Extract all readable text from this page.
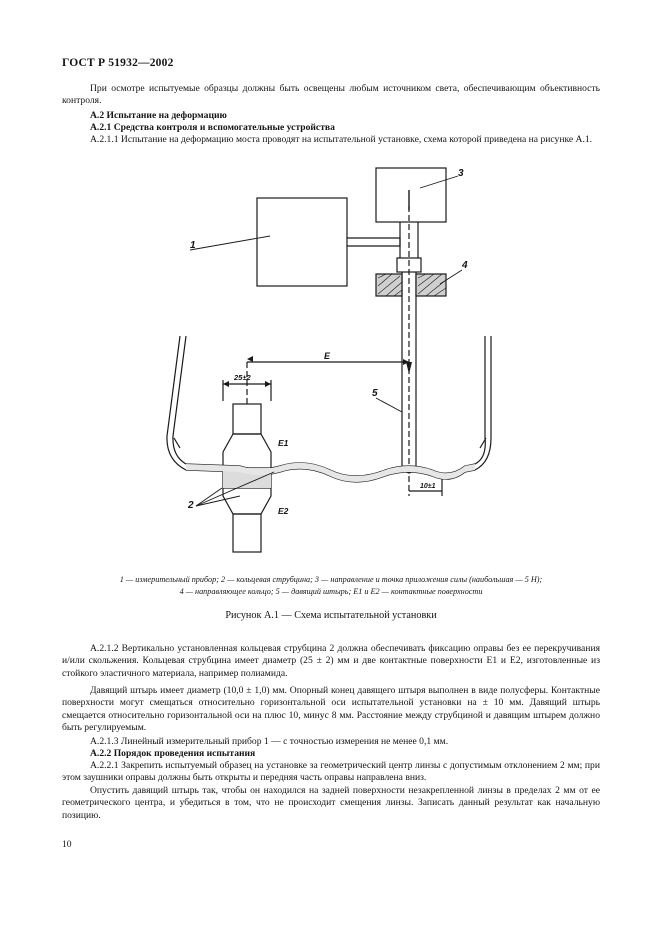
ГОСТ Р 51932—2002

При осмотре испытуемые образцы должны быть освещены любым источником света, обеспечивающим объективность контроля.

А.2 Испытание на деформацию

А.2.1 Средства контроля и вспомогательные устройства

А.2.1.1 Испытание на деформацию моста проводят на испытательной установке, схема которой приведена на рисунке А.1.

1
2
3
4
5
E
25±2
10±1
E1
E2
1 — измерительный прибор; 2 — кольцевая струбцина; 3 — направление и точка приложения силы (наибольшая — 5 Н);
4 — направляющее кольцо; 5 — давящий штырь; E1 и E2 — контактные поверхности
Рисунок А.1 — Схема испытательной установки

А.2.1.2 Вертикально установленная кольцевая струбцина 2 должна обеспечивать фиксацию оправы без ее перекручивания и/или скольжения. Кольцевая струбцина имеет диаметр (25 ± 2) мм и две контактные поверхности E1 и E2, изготовленные из стойкого эластичного материала, например полиамида.

Давящий штырь имеет диаметр (10,0 ± 1,0) мм. Опорный конец давящего штыря выполнен в виде полусферы. Контактные поверхности могут смещаться относительно горизонтальной оси испытательной установки на ± 10 мм. Давящий штырь смещается относительно горизонтальной оси на плюс 10, минус 8 мм. Расстояние между струбциной и давящим штырем должно быть регулируемым.

А.2.1.3 Линейный измерительный прибор 1 — с точностью измерения не менее 0,1 мм.

А.2.2 Порядок проведения испытания

А.2.2.1 Закрепить испытуемый образец на установке за геометрический центр линзы с допустимым отклонением 2 мм; при этом заушники оправы должны быть открыты и передняя часть оправы направлена вниз.

Опустить давящий штырь так, чтобы он находился на задней поверхности незакрепленной линзы в пределах 2 мм от ее геометрического центра, и убедиться в том, что не происходит смещения линзы. Записать данный результат как начальную позицию.

10
